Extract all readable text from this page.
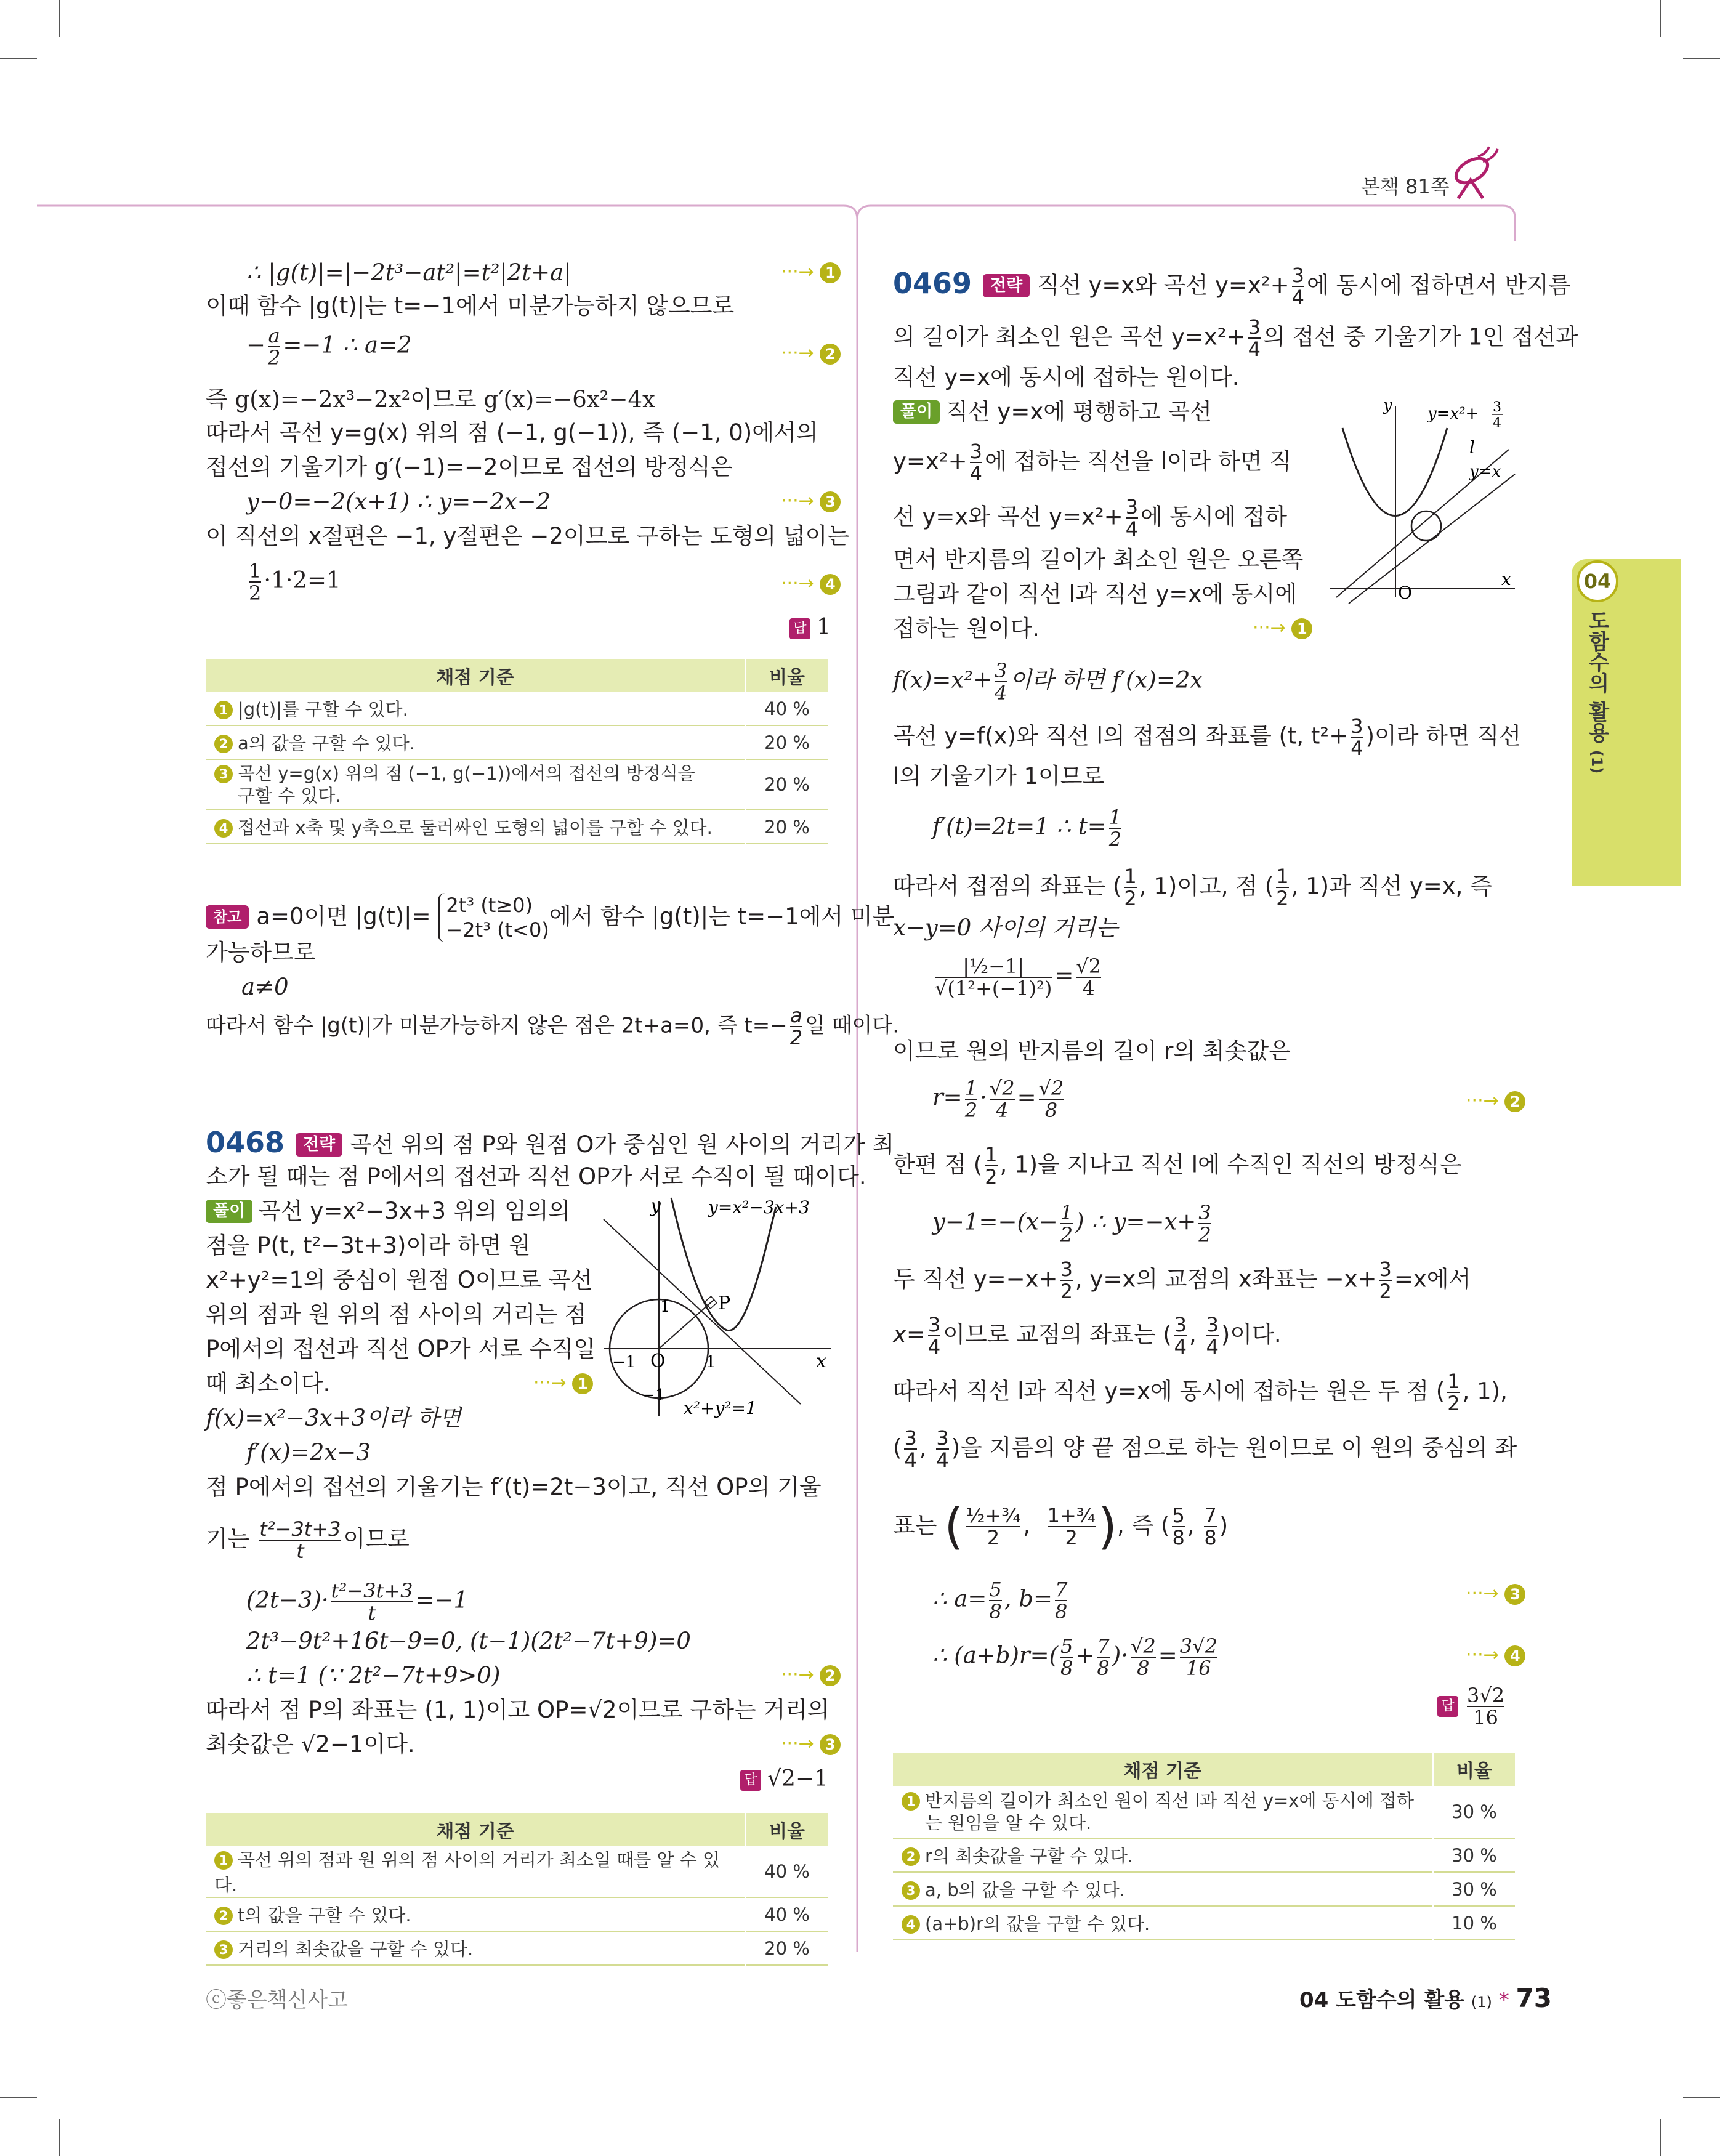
본책 81쪽
04
도함수의 활용 (1)
∴ |g(t)|=|−2t³−at²|=t²|2t+a|	···→ 1
이때 함수 |g(t)|는 t=−1에서 미분가능하지 않으므로
− $\frac{a}{2} =-1$ ∴ a=2	···→ 2
즉 g(x)=−2x³−2x²이므로 g′(x)=−6x²−4x
따라서 곡선 y=g(x) 위의 점 (−1, g(−1)), 즉 (−1, 0)에서의
접선의 기울기가 g′(−1)=−2이므로 접선의 방정식은
y−0=−2(x+1) ∴ y=−2x−2	···→ 3
이 직선의 x절편은 −1, y절편은 −2이므로 구하는 도형의 넓이는
$\frac{1}{2} \cdot 1\cdot 2=1$	···→ 4
답 1
채점 기준	비율
1 |g(t)|를 구할 수 있다.	40 %
2 a의 값을 구할 수 있다.	20 %
3 곡선 y=g(x) 위의 점 (−1, g(−1))에서의 접선의 방정식을
구할 수 있다.	20 %
4 접선과 x축 및 y축으로 둘러싸인 도형의 넓이를 구할 수 있다.	20 %
참고 a=0이면 |g(t)|= 2t³ (t≥0)
−2t³ (t<0)
에서 함수 |g(t)|는 t=−1에서 미분
가능하므로
a≠0
따라서 함수 |g(t)|가 미분가능하지 않은 점은 2t+a=0, 즉 $t=- \frac{a}{2}$ 일 때이다.
0468 전략 곡선 위의 점 P와 원점 O가 중심인 원 사이의 거리가 최
소가 될 때는 점 P에서의 접선과 직선 OP가 서로 수직이 될 때이다.
풀이 곡선 y=x²−3x+3 위의 임의의
점을 P(t, t²−3t+3)이라 하면 원
x²+y²=1의 중심이 원점 O이므로 곡선
위의 점과 원 위의 점 사이의 거리는 점
P에서의 접선과 직선 OP가 서로 수직일
때 최소이다.	···→ 1
y
x
O
P
1
1
−1
−1
y=x²−3x+3
x²+y²=1
f(x)=x²−3x+3이라 하면
f′(x)=2x−3
점 P에서의 접선의 기울기는 f′(t)=2t−3이고, 직선 OP의 기울
기는 $\frac{\text{t²−3t+3}}{t}$ 이므로
$(2t-3)\cdot \frac{\text{t²−3t+3}}{t} =-1$
2t³−9t²+16t−9=0, (t−1)(2t²−7t+9)=0
∴ t=1 (∵ 2t²−7t+9>0)	···→ 2
따라서 점 P의 좌표는 (1, 1)이고 OP=√2이므로 구하는 거리의
최솟값은 √2−1이다.	···→ 3
답 √2−1
채점 기준	비율
1 곡선 위의 점과 원 위의 점 사이의 거리가 최소일 때를 알 수 있다.	40 %
2 t의 값을 구할 수 있다.	40 %
3 거리의 최솟값을 구할 수 있다.	20 %
0469 전략 직선 y=x와 곡선 $y=x^2+ \frac{3}{4}$ 에 동시에 접하면서 반지름
의 길이가 최소인 원은 곡선 $y=x^2+ \frac{3}{4}$ 의 접선 중 기울기가 1인 접선과
직선 y=x에 동시에 접하는 원이다.
풀이 직선 y=x에 평행하고 곡선
$y=x^2+ \frac{3}{4}$ 에 접하는 직선을 l이라 하면 직
선 y=x와 곡선 $y=x^2+ \frac{3}{4}$ 에 동시에 접하
면서 반지름의 길이가 최소인 원은 오른쪽
그림과 같이 직선 l과 직선 y=x에 동시에
접하는 원이다.	···→ 1
y
x
O
l
y=x
y=x²+ 3
4
$f(x)=x^2+ \frac{3}{4}$ 이라 하면 f′(x)=2x
곡선 y=f(x)와 직선 l의 접점의 좌표를 (t, $t^2+ \frac{3}{4}$ )이라 하면 직선
l의 기울기가 1이므로
f′(t)=2t=1 ∴ $t= \frac{1}{2}$
따라서 접점의 좌표는 ( $\frac{1}{2}$ , 1)이고, 점 ( $\frac{1}{2}$ , 1)과 직선 y=x, 즉
x−y=0 사이의 거리는
$\frac{\text{|½−1|}}{\text{√(1²+(−1)²)}} = \frac{√2}{4}$
이므로 원의 반지름의 길이 r의 최솟값은
$r= \frac{1}{2} \cdot \frac{√2}{4} = \frac{√2}{8}$	···→ 2
한편 점 ( $\frac{1}{2}$ , 1)을 지나고 직선 l에 수직인 직선의 방정식은
$y-1=-(x- \frac{1}{2}$ ) ∴ $y=-x+ \frac{3}{2}$
두 직선 $y=-x+ \frac{3}{2}$ , y=x의 교점의 x좌표는 $-x+ \frac{3}{2} =x$에서
$x= \frac{3}{4}$ 이므로 교점의 좌표는 ( $\frac{3}{4}$ , $\frac{3}{4}$ )이다.
따라서 직선 l과 직선 y=x에 동시에 접하는 원은 두 점 ( $\frac{1}{2}$ , 1),
( $\frac{3}{4}$ , $\frac{3}{4}$ )을 지름의 양 끝 점으로 하는 원이므로 이 원의 중심의 좌
표는 ( $\frac{\text{½+¾}}{2}$ , $\frac{\text{1+¾}}{2}$ ), 즉 ( $\frac{5}{8}$ , $\frac{7}{8}$ )
∴ $a= \frac{5}{8}$ , $b= \frac{7}{8}$	···→ 3
∴ $(a+b)r=( \frac{5}{8} + \frac{7}{8}$ )· $\frac{√2}{8} = \frac{3√2}{16}$	···→ 4
답 $\frac{3√2}{16}$
채점 기준	비율
1 반지름의 길이가 최소인 원이 직선 l과 직선 y=x에 동시에 접하
는 원임을 알 수 있다.	30 %
2 r의 최솟값을 구할 수 있다.	30 %
3 a, b의 값을 구할 수 있다.	30 %
4 (a+b)r의 값을 구할 수 있다.	10 %
ⓒ좋은책신사고	04 도함수의 활용 (1) * 73
